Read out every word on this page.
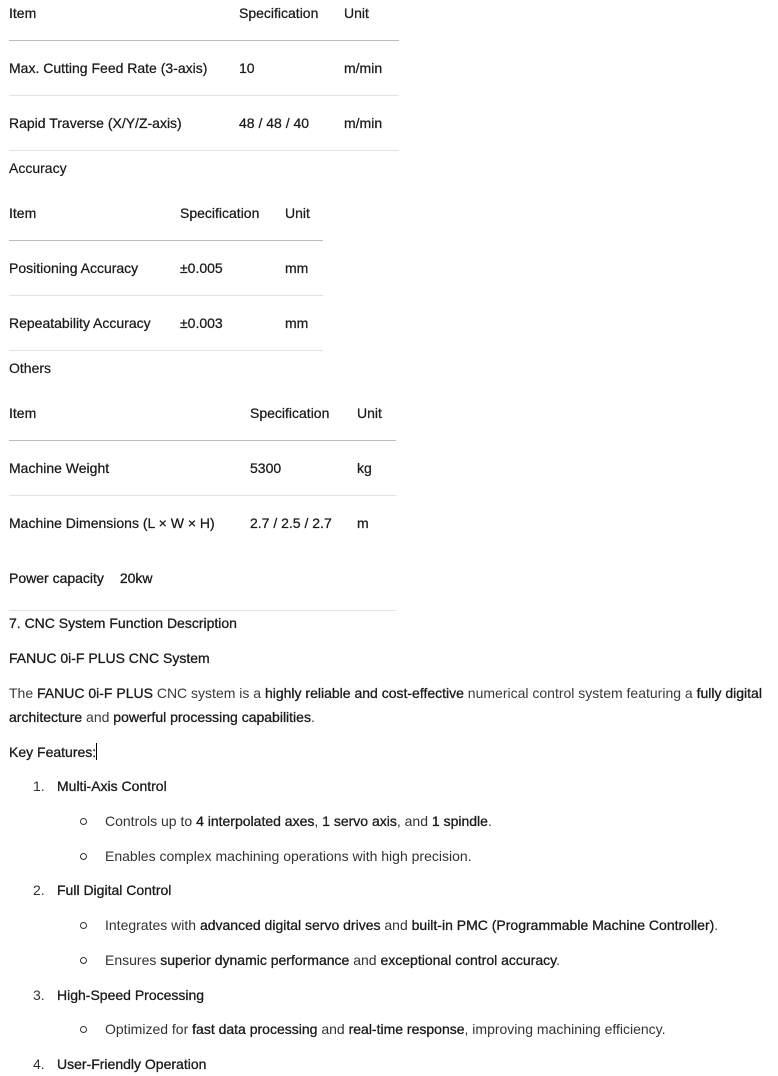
Item	Specification	Unit
Max. Cutting Feed Rate (3-axis)	10	m/min
Rapid Traverse (X/Y/Z-axis)	48 / 48 / 40	m/min
Accuracy
Item	Specification	Unit
Positioning Accuracy	±0.005	mm
Repeatability Accuracy	±0.003	mm
Others
Item	Specification	Unit
Machine Weight	5300	kg
Machine Dimensions (L × W × H)	2.7 / 2.5 / 2.7	m
Power capacity 20kw
7. CNC System Function Description
FANUC 0i-F PLUS CNC System
The FANUC 0i-F PLUS CNC system is a highly reliable and cost-effective numerical control system featuring a fully digital architecture and powerful processing capabilities.
Key Features:
1. Multi-Axis Control
Controls up to 4 interpolated axes, 1 servo axis, and 1 spindle.
Enables complex machining operations with high precision.
2. Full Digital Control
Integrates with advanced digital servo drives and built-in PMC (Programmable Machine Controller).
Ensures superior dynamic performance and exceptional control accuracy.
3. High-Speed Processing
Optimized for fast data processing and real-time response, improving machining efficiency.
4. User-Friendly Operation
